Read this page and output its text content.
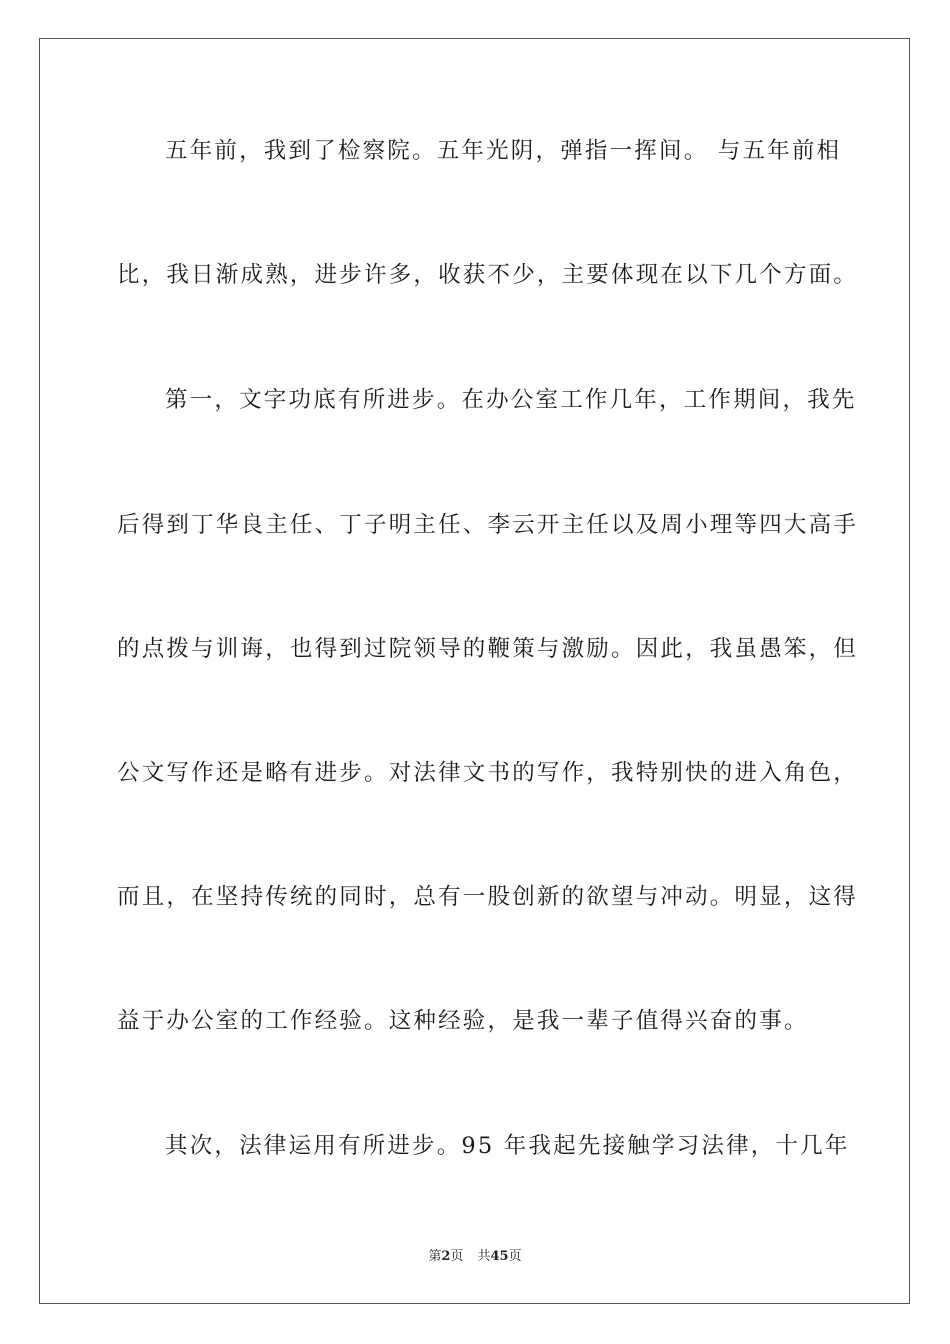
五年前，我到了检察院。五年光阴，弹指一挥间。 与五年前相
比，我日渐成熟，进步许多，收获不少，主要体现在以下几个方面。
第一，文字功底有所进步。在办公室工作几年，工作期间，我先
后得到丁华良主任、丁子明主任、李云开主任以及周小理等四大高手
的点拨与训诲，也得到过院领导的鞭策与激励。因此，我虽愚笨，但
公文写作还是略有进步。对法律文书的写作，我特别快的进入角色，
而且，在坚持传统的同时，总有一股创新的欲望与冲动。明显，这得
益于办公室的工作经验。这种经验，是我一辈子值得兴奋的事。
其次，法律运用有所进步。95 年我起先接触学习法律，十几年
第2页 共45页
